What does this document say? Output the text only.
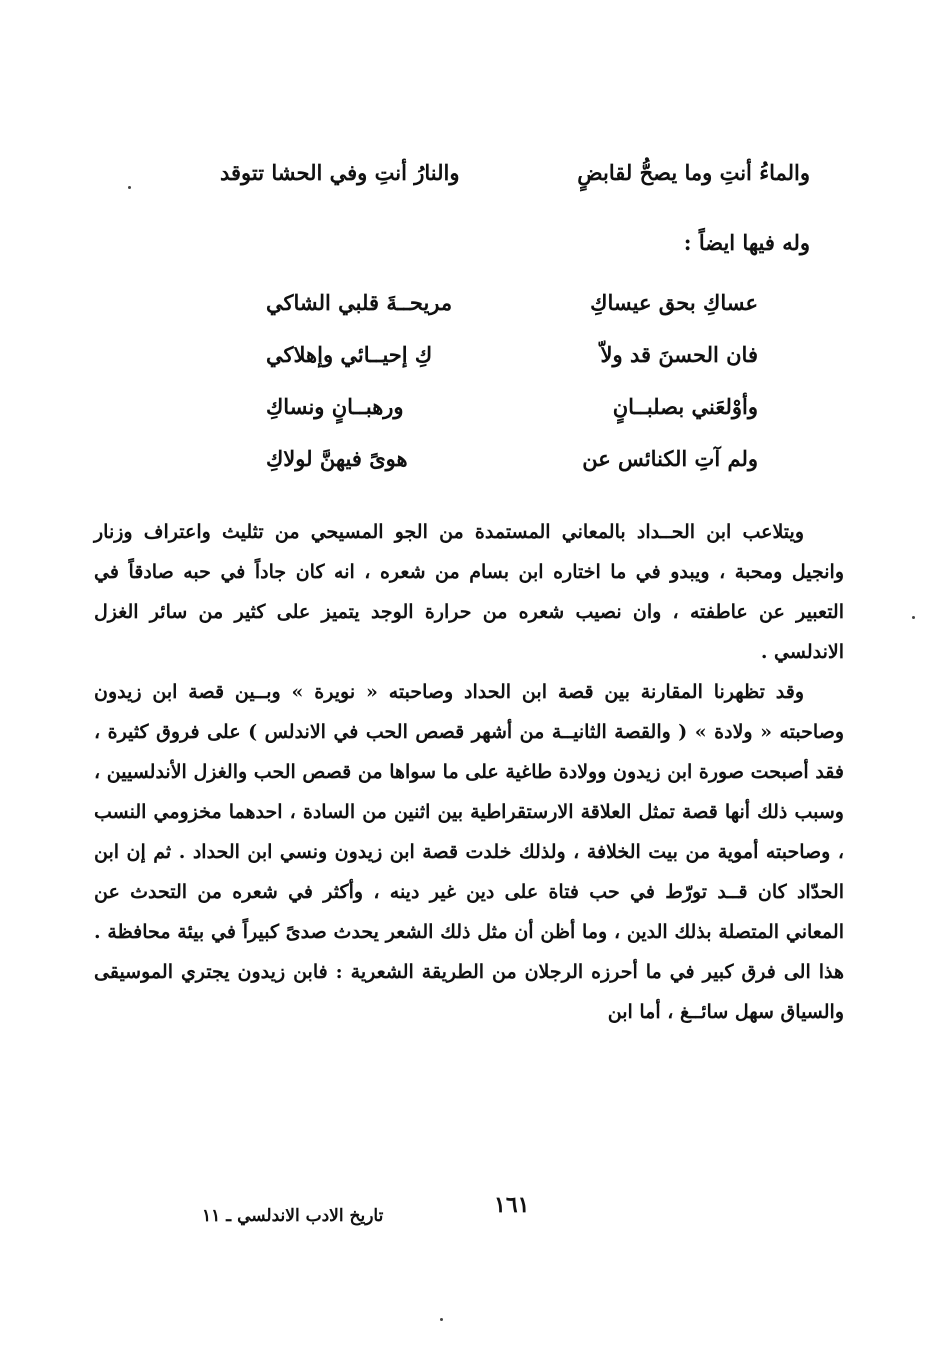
والماءُ أنتِ وما يصحُّ لقابضٍ
والنارُ أنتِ وفي الحشا تتوقد
وله فيها ايضاً :
عساكِ بحق عيساكِ
مريحــةَ قلبي الشاكي
فان الحسنَ قد ولاّ
كِ إحيــائي وإهلاكي
وأوْلعَني بصلبــانٍ
ورهبــانٍ ونساكِ
ولم آتِ الكنائس عن
هوىً فيهنَّ لولاكِ

ويتلاعب ابن الحــداد بالمعاني المستمدة من الجو المسيحي من تثليث واعتراف وزنار وانجيل ومحبة ، ويبدو في ما اختاره ابن بسام من شعره ، انه كان جاداً في حبه صادقاً في التعبير عن عاطفته ، وان نصيب شعره من حرارة الوجد يتميز على كثير من سائر الغزل الاندلسي .

وقد تظهرنا المقارنة بين قصة ابن الحداد وصاحبته « نويرة » وبــين قصة ابن زيدون وصاحبته « ولادة » ( والقصة الثانيــة من أشهر قصص الحب في الاندلس ) على فروق كثيرة ، فقد أصبحت صورة ابن زيدون وولادة طاغية على ما سواها من قصص الحب والغزل الأندلسيين ، وسبب ذلك أنها قصة تمثل العلاقة الارستقراطية بين اثنين من السادة ، احدهما مخزومي النسب ، وصاحبته أموية من بيت الخلافة ، ولذلك خلدت قصة ابن زيدون ونسي ابن الحداد . ثم إن ابن الحدّاد كان قــد تورّط في حب فتاة على دين غير دينه ، وأكثر في شعره من التحدث عن المعاني المتصلة بذلك الدين ، وما أظن أن مثل ذلك الشعر يحدث صدىً كبيراً في بيئة محافظة . هذا الى فرق كبير في ما أحرزه الرجلان من الطريقة الشعرية : فابن زيدون يجتري الموسيقى والسياق سهل سائــغ ، أما ابن

١٦١
تاريخ الادب الاندلسي ـ ١١
